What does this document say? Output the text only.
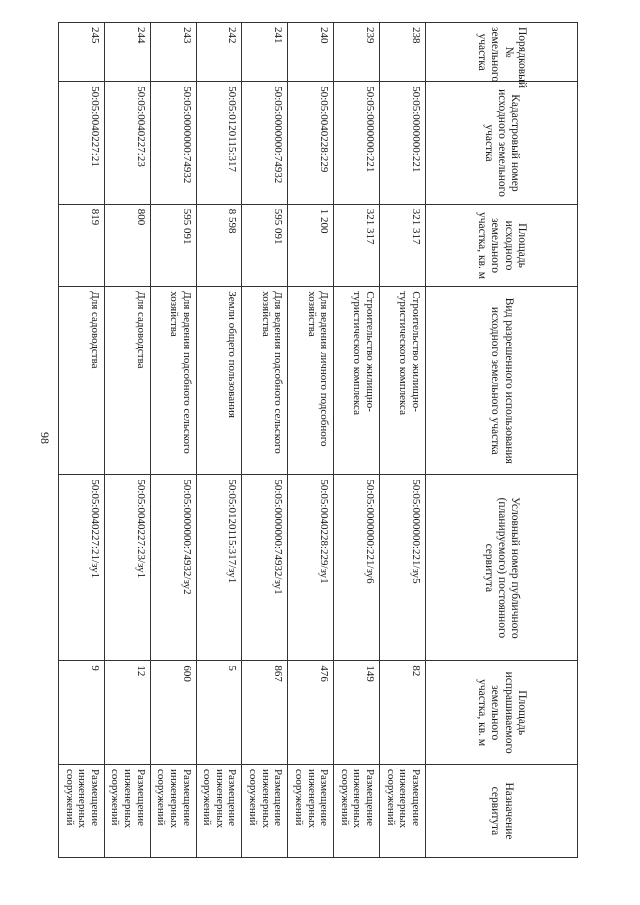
98
Порядковый № земельного участка	Кадастровый номер исходного земельного участка	Площадь исходного земельного участка, кв. м	Вид разрешенного использования исходного земельного участка	Условный номер публичного (планируемого) постоянного сервитута	Площадь испрашиваемого земельного участка, кв. м	Назначение сервитута
238	50:05:0000000:221	321 317	Строительство жилищно-туристического комплекса	50:05:0000000:221/зу5	82	Размещение инженерных сооружений
239	50:05:0000000:221	321 317	Строительство жилищно-туристического комплекса	50:05:0000000:221/зу6	149	Размещение инженерных сооружений
240	50:05:0040228:229	1 200	Для ведения личного подсобного хозяйства	50:05:0040228:229/зу1	476	Размещение инженерных сооружений
241	50:05:0000000:74932	595 091	Для ведения подсобного сельского хозяйства	50:05:0000000:74932/зу1	867	Размещение инженерных сооружений
242	50:05:0120115:317	8 598	Земли общего пользования	50:05:0120115:317/зу1	5	Размещение инженерных сооружений
243	50:05:0000000:74932	595 091	Для ведения подсобного сельского хозяйства	50:05:0000000:74932/зу2	600	Размещение инженерных сооружений
244	50:05:0040227:23	800	Для садоводства	50:05:0040227:23/зу1	12	Размещение инженерных сооружений
245	50:05:0040227:21	819	Для садоводства	50:05:0040227:21/зу1	9	Размещение инженерных сооружений
